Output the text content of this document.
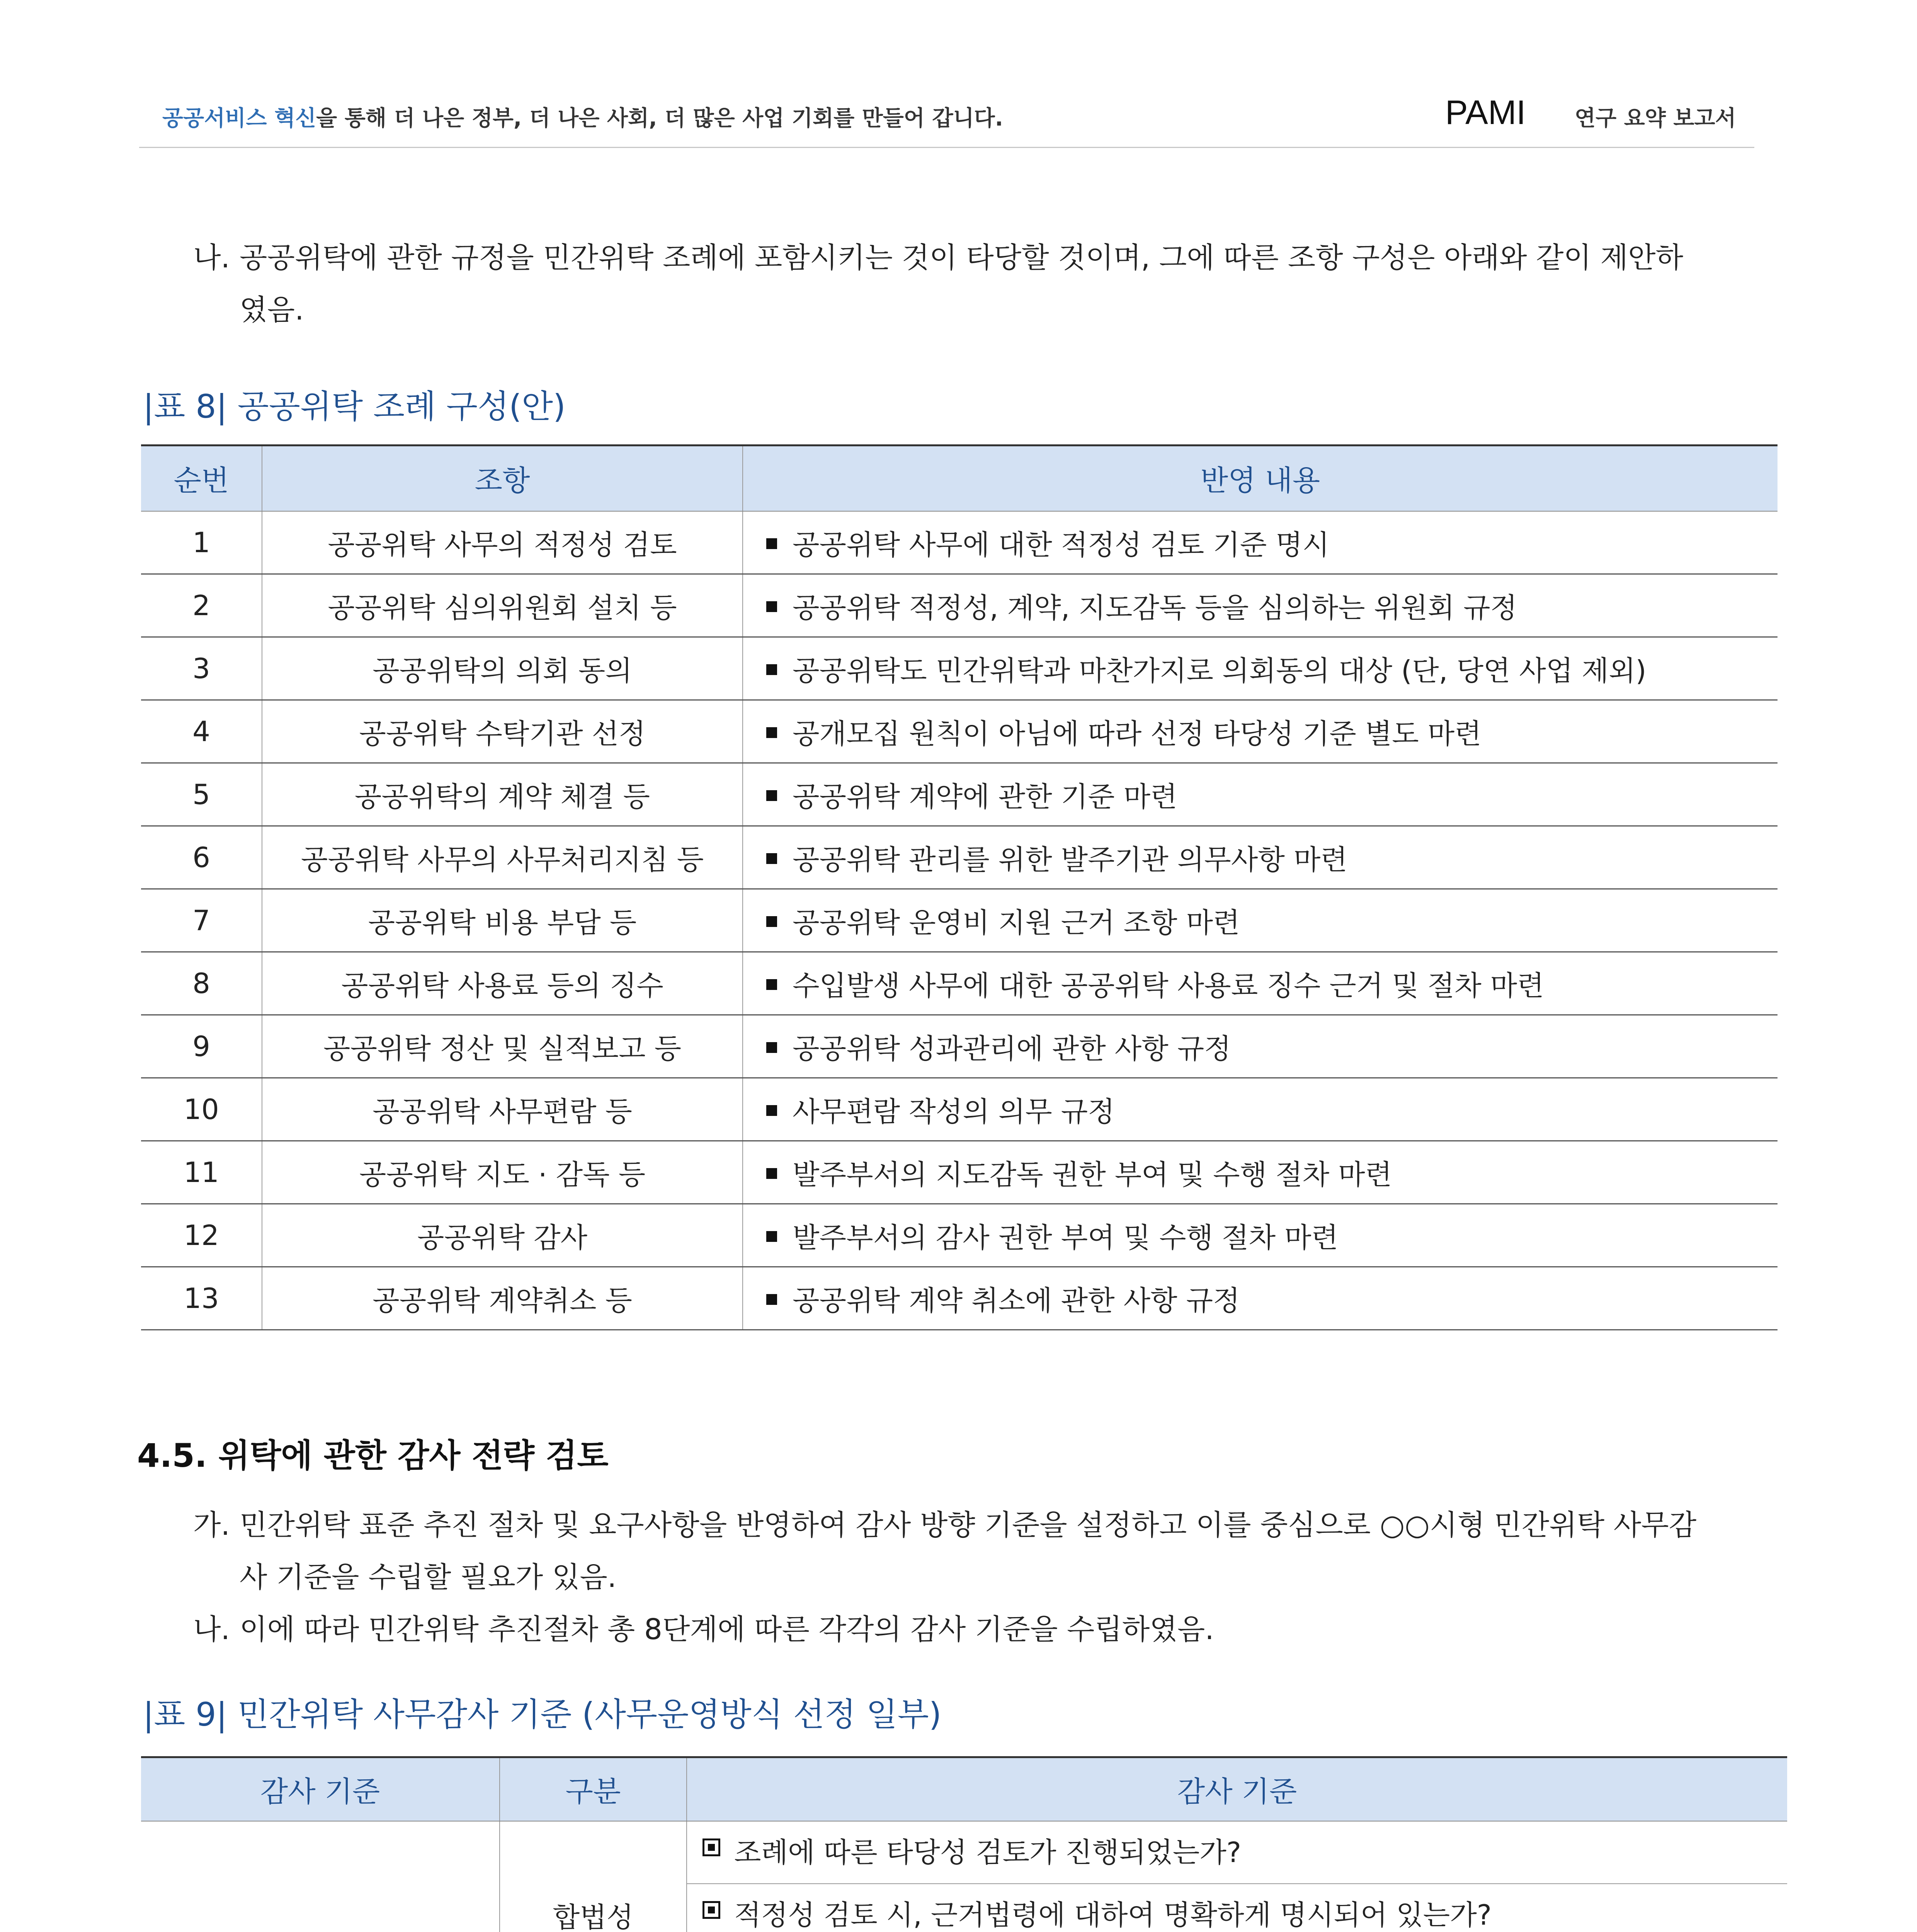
공공서비스 혁신을 통해 더 나은 정부, 더 나은 사회, 더 많은 사업 기회를 만들어 갑니다.	PAMI 연구 요약 보고서
나. 공공위탁에 관한 규정을 민간위탁 조례에 포함시키는 것이 타당할 것이며, 그에 따른 조항 구성은 아래와 같이 제안하
였음.
|표 8| 공공위탁 조례 구성(안)
순번	조항	반영 내용
1	공공위탁 사무의 적정성 검토	공공위탁 사무에 대한 적정성 검토 기준 명시
2	공공위탁 심의위원회 설치 등	공공위탁 적정성, 계약, 지도감독 등을 심의하는 위원회 규정
3	공공위탁의 의회 동의	공공위탁도 민간위탁과 마찬가지로 의회동의 대상 (단, 당연 사업 제외)
4	공공위탁 수탁기관 선정	공개모집 원칙이 아님에 따라 선정 타당성 기준 별도 마련
5	공공위탁의 계약 체결 등	공공위탁 계약에 관한 기준 마련
6	공공위탁 사무의 사무처리지침 등	공공위탁 관리를 위한 발주기관 의무사항 마련
7	공공위탁 비용 부담 등	공공위탁 운영비 지원 근거 조항 마련
8	공공위탁 사용료 등의 징수	수입발생 사무에 대한 공공위탁 사용료 징수 근거 및 절차 마련
9	공공위탁 정산 및 실적보고 등	공공위탁 성과관리에 관한 사항 규정
10	공공위탁 사무편람 등	사무편람 작성의 의무 규정
11	공공위탁 지도 · 감독 등	발주부서의 지도감독 권한 부여 및 수행 절차 마련
12	공공위탁 감사	발주부서의 감사 권한 부여 및 수행 절차 마련
13	공공위탁 계약취소 등	공공위탁 계약 취소에 관한 사항 규정
4.5. 위탁에 관한 감사 전략 검토
가. 민간위탁 표준 추진 절차 및 요구사항을 반영하여 감사 방향 기준을 설정하고 이를 중심으로 ○○시형 민간위탁 사무감
사 기준을 수립할 필요가 있음.
나. 이에 따라 민간위탁 추진절차 총 8단계에 따른 각각의 감사 기준을 수립하였음.
|표 9| 민간위탁 사무감사 기준 (사무운영방식 선정 일부)
감사 기준	구분	감사 기준
	합법성	조례에 따른 타당성 검토가 진행되었는가?

		적정성 검토 시, 근거법령에 대하여 명확하게 명시되어 있는가?
